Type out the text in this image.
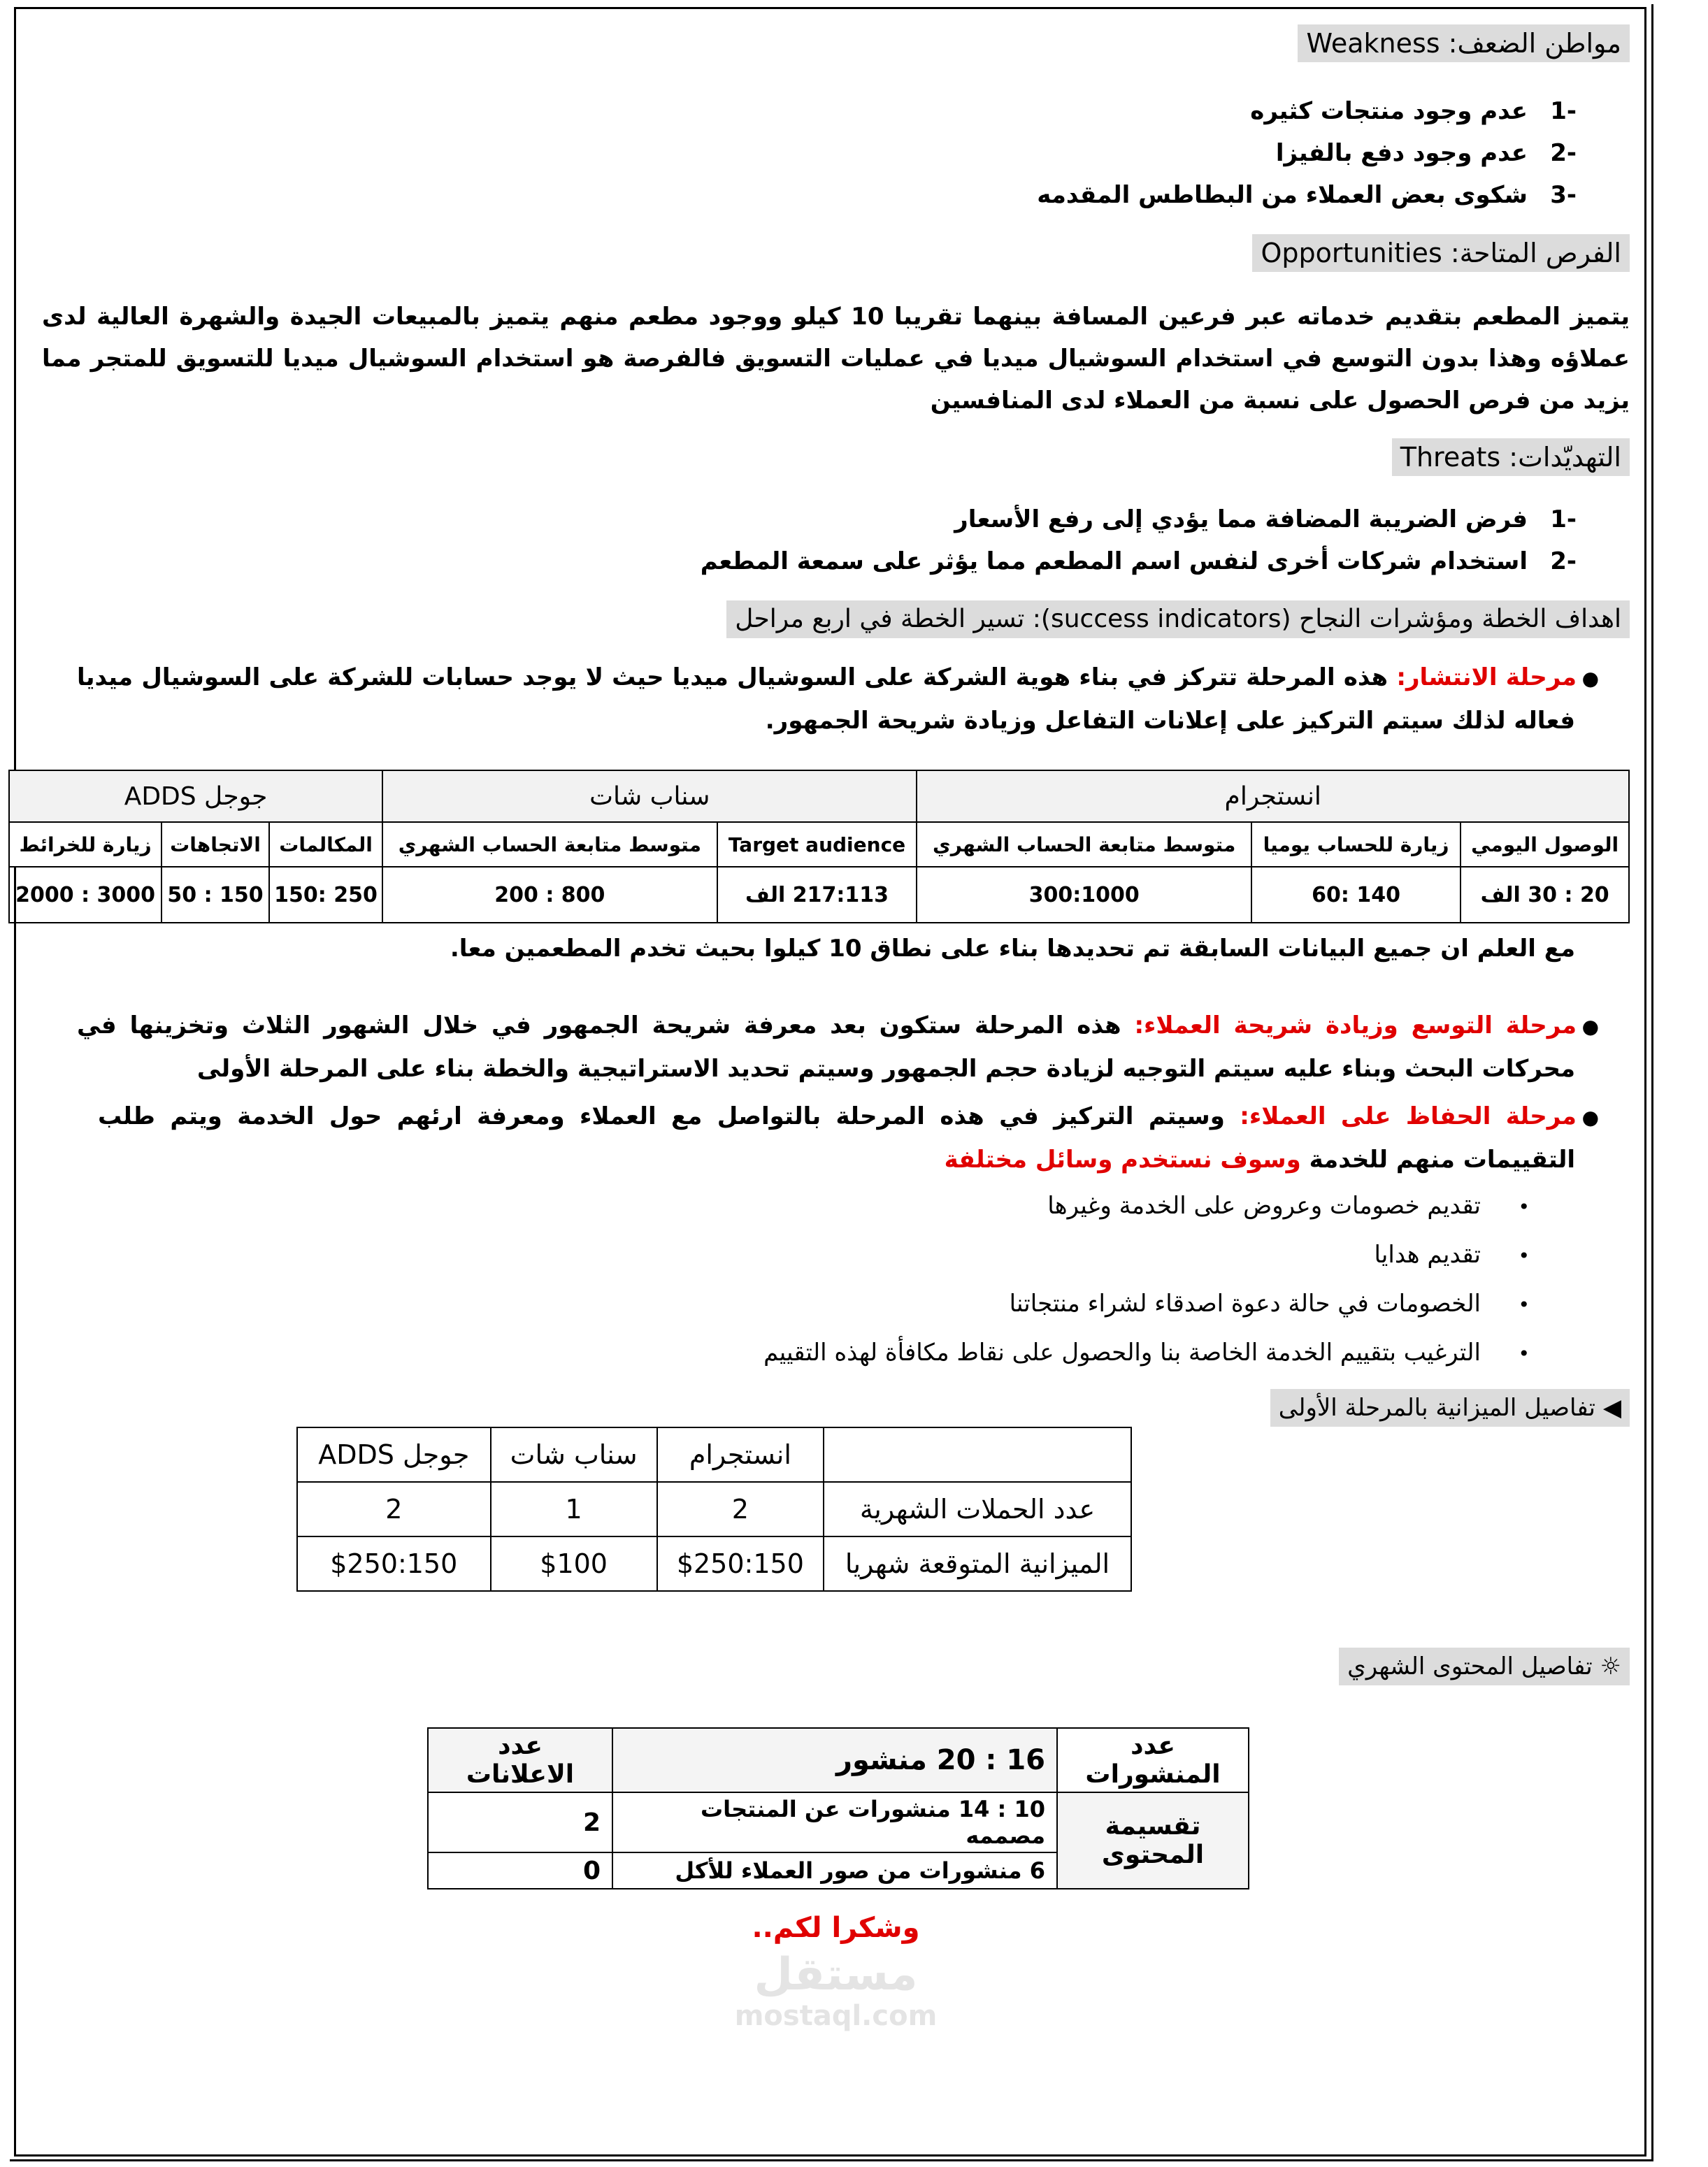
مواطن الضعف: Weakness
-1عدم وجود منتجات كثيره
-2عدم وجود دفع بالفيزا
-3شكوى بعض العملاء من البطاطس المقدمه
الفرص المتاحة: Opportunities
يتميز المطعم بتقديم خدماته عبر فرعين المسافة بينهما تقريبا 10 كيلو ووجود مطعم منهم يتميز بالمبيعات الجيدة والشهرة العالية لدى عملاؤه وهذا بدون التوسع في استخدام السوشيال ميديا في عمليات التسويق فالفرصة هو استخدام السوشيال ميديا للتسويق للمتجر مما يزيد من فرص الحصول على نسبة من العملاء لدى المنافسين
التهديّدات: Threats
-1فرض الضريبة المضافة مما يؤدي إلى رفع الأسعار
-2استخدام شركات أخرى لنفس اسم المطعم مما يؤثر على سمعة المطعم
اهداف الخطة ومؤشرات النجاح (success indicators): تسير الخطة في اربع مراحل
●مرحلة الانتشار: هذه المرحلة تتركز في بناء هوية الشركة على السوشيال ميديا حيث لا يوجد حسابات للشركة على السوشيال ميديا فعاله لذلك سيتم التركيز على إعلانات التفاعل وزيادة شريحة الجمهور.
انستجرام			سناب شات		جوجل ADDS		
الوصول اليومي	زيارة للحساب يوميا	متوسط متابعة الحساب الشهري	Target audience	متوسط متابعة الحساب الشهري	المكالمات	الاتجاهات	زيارة للخرائط
20 : 30 الف	140 :60	300:1000	217:113 الف	800 : 200	250 :150	150 : 50	3000 : 2000
مع العلم ان جميع البيانات السابقة تم تحديدها بناء على نطاق 10 كيلوا بحيث تخدم المطعمين معا.
●مرحلة التوسع وزيادة شريحة العملاء: هذه المرحلة ستكون بعد معرفة شريحة الجمهور في خلال الشهور الثلاث وتخزينها في محركات البحث وبناء عليه سيتم التوجيه لزيادة حجم الجمهور وسيتم تحديد الاستراتيجية والخطة بناء على المرحلة الأولى
●مرحلة الحفاظ على العملاء: وسيتم التركيز في هذه المرحلة بالتواصل مع العملاء ومعرفة ارئهم حول الخدمة ويتم طلب التقييمات منهم للخدمة وسوف نستخدم وسائل مختلفة
•تقديم خصومات وعروض على الخدمة وغيرها
•تقديم هدايا
•الخصومات في حالة دعوة اصدقاء لشراء منتجاتنا
•الترغيب بتقييم الخدمة الخاصة بنا والحصول على نقاط مكافأة لهذه التقييم
◀ تفاصيل الميزانية بالمرحلة الأولى
	انستجرام	سناب شات	جوجل ADDS
عدد الحملات الشهرية	2	1	2
الميزانية المتوقعة شهريا	$250:150	$100	$250:150
☼ تفاصيل المحتوى الشهري
عدد المنشورات	16 : 20 منشور	عدد الاعلانات
تقسيمة المحتوى	10 : 14 منشورات عن المنتجات مصممه	2
	6 منشورات من صور العملاء للأكل	0
وشكرا لكم..
مستقل
mostaql.com
